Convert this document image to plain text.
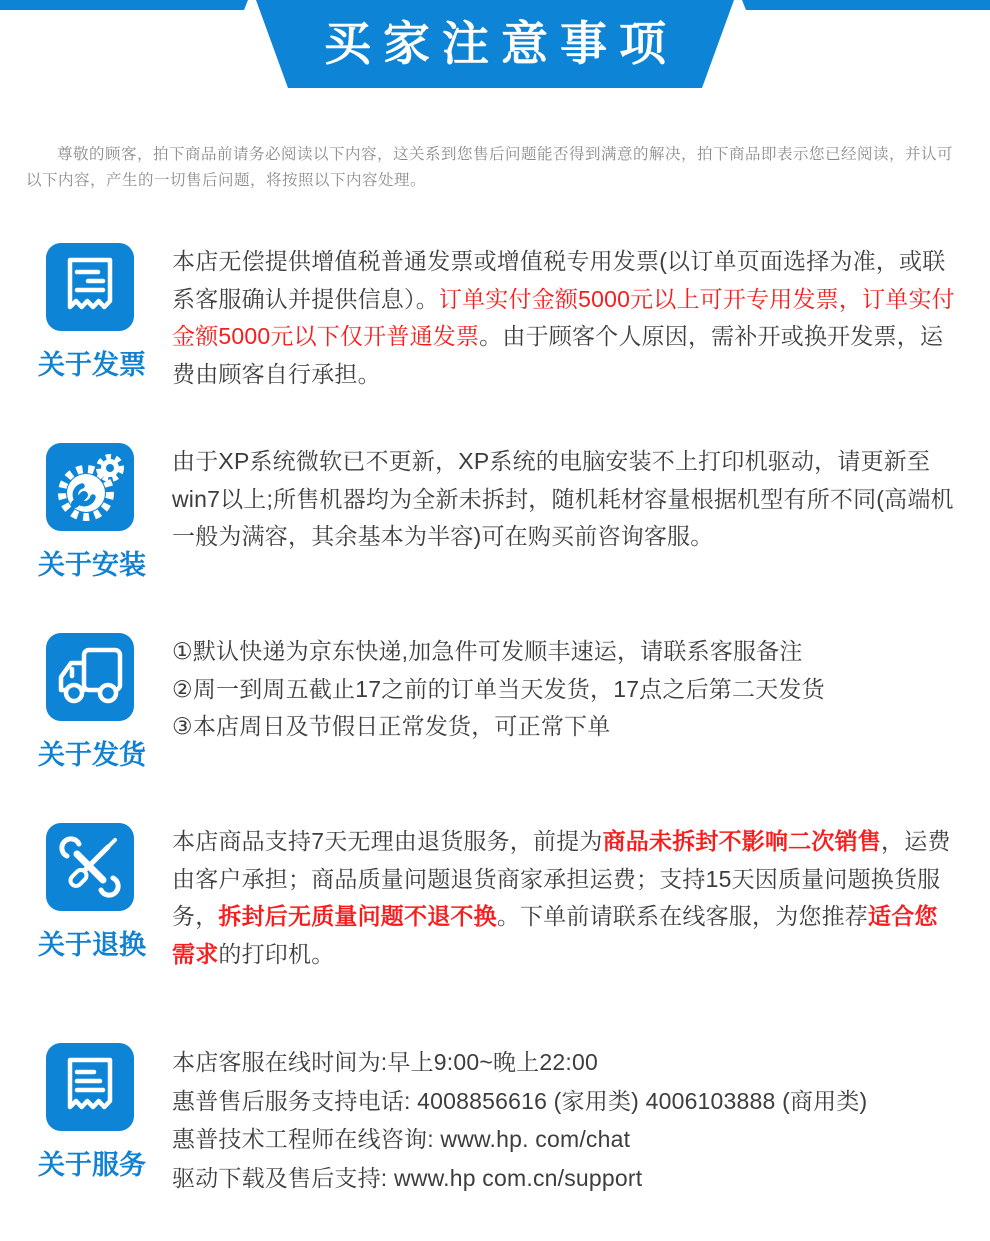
买家注意事项

尊敬的顾客，拍下商品前请务必阅读以下内容，这关系到您售后问题能否得到满意的解决，拍下商品即表示您已经阅读，并认可以下内容，产生的一切售后问题，将按照以下内容处理。

关于发票
本店无偿提供增值税普通发票或增值税专用发票(以订单页面选择为准，或联系客服确认并提供信息）。订单实付金额5000元以上可开专用发票，订单实付金额5000元以下仅开普通发票。由于顾客个人原因，需补开或换开发票，运费由顾客自行承担。
关于安装
由于XP系统微软已不更新，XP系统的电脑安装不上打印机驱动，请更新至win7以上;所售机器均为全新未拆封，随机耗材容量根据机型有所不同(高端机一般为满容，其余基本为半容)可在购买前咨询客服。
关于发货
①默认快递为京东快递,加急件可发顺丰速运，请联系客服备注
②周一到周五截止17之前的订单当天发货，17点之后第二天发货
③本店周日及节假日正常发货，可正常下单
关于退换
本店商品支持7天无理由退货服务，前提为商品未拆封不影响二次销售，运费由客户承担；商品质量问题退货商家承担运费；支持15天因质量问题换货服务，拆封后无质量问题不退不换。下单前请联系在线客服，为您推荐适合您需求的打印机。
关于服务
本店客服在线时间为:早上9:00~晚上22:00
惠普售后服务支持电话: 4008856616 (家用类) 4006103888 (商用类)
惠普技术工程师在线咨询: www.hp. com/chat
驱动下载及售后支持: www.hp com.cn/support
